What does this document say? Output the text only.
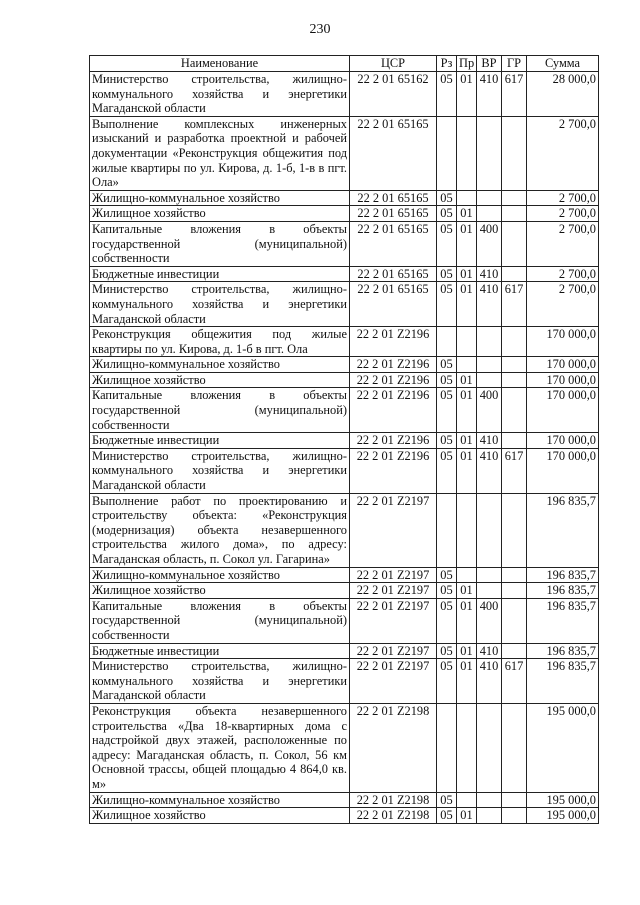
230
Наименование	ЦСР	Рз	Пр	ВР	ГР	Сумма
Министерство строительства, жилищно-коммунального хозяйства и энергетики Магаданской области	22 2 01 65162	05	01	410	617	28 000,0
Выполнение комплексных инженерных изысканий и разработка проектной и рабочей документации «Реконструкция общежития под жилые квартиры по ул. Кирова, д. 1-б, 1-в в пгт. Ола»	22 2 01 65165					2 700,0
Жилищно-коммунальное хозяйство	22 2 01 65165	05				2 700,0
Жилищное хозяйство	22 2 01 65165	05	01			2 700,0
Капитальные вложения в объекты государственной (муниципальной) собственности	22 2 01 65165	05	01	400		2 700,0
Бюджетные инвестиции	22 2 01 65165	05	01	410		2 700,0
Министерство строительства, жилищно-коммунального хозяйства и энергетики Магаданской области	22 2 01 65165	05	01	410	617	2 700,0
Реконструкция общежития под жилые квартиры по ул. Кирова, д. 1-б в пгт. Ола	22 2 01 Z2196					170 000,0
Жилищно-коммунальное хозяйство	22 2 01 Z2196	05				170 000,0
Жилищное хозяйство	22 2 01 Z2196	05	01			170 000,0
Капитальные вложения в объекты государственной (муниципальной) собственности	22 2 01 Z2196	05	01	400		170 000,0
Бюджетные инвестиции	22 2 01 Z2196	05	01	410		170 000,0
Министерство строительства, жилищно-коммунального хозяйства и энергетики Магаданской области	22 2 01 Z2196	05	01	410	617	170 000,0
Выполнение работ по проектированию и строительству объекта: «Реконструкция (модернизация) объекта незавершенного строительства жилого дома», по адресу: Магаданская область, п. Сокол ул. Гагарина»	22 2 01 Z2197					196 835,7
Жилищно-коммунальное хозяйство	22 2 01 Z2197	05				196 835,7
Жилищное хозяйство	22 2 01 Z2197	05	01			196 835,7
Капитальные вложения в объекты государственной (муниципальной) собственности	22 2 01 Z2197	05	01	400		196 835,7
Бюджетные инвестиции	22 2 01 Z2197	05	01	410		196 835,7
Министерство строительства, жилищно-коммунального хозяйства и энергетики Магаданской области	22 2 01 Z2197	05	01	410	617	196 835,7
Реконструкция объекта незавершенного строительства «Два 18-квартирных дома с надстройкой двух этажей, расположенные по адресу: Магаданская область, п. Сокол, 56 км Основной трассы, общей площадью 4 864,0 кв. м»	22 2 01 Z2198					195 000,0
Жилищно-коммунальное хозяйство	22 2 01 Z2198	05				195 000,0
Жилищное хозяйство	22 2 01 Z2198	05	01			195 000,0
